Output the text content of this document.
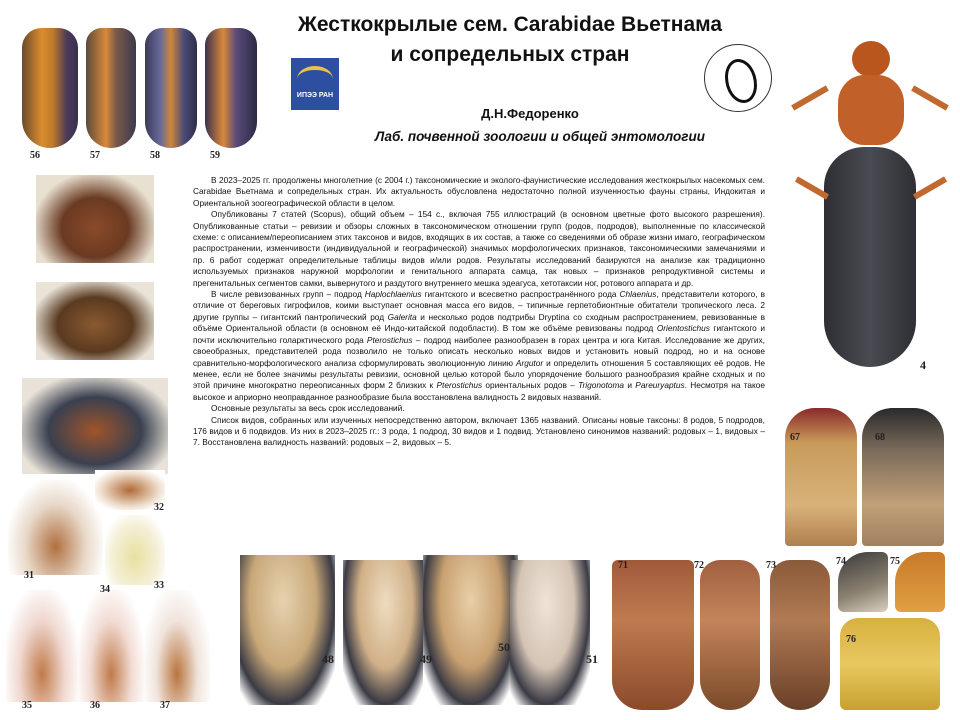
Жесткокрылые сем. Carabidae Вьетнама
и сопредельных стран
Д.Н.Федоренко
Лаб. почвенной зоологии и общей энтомологии
ИПЭЭ РАН
56	57	58	59
31
32
33
34
35	36	37
4
67	68
48	49
50
51
71	72	73	74	75
76

В 2023–2025 гг. продолжены многолетние (с 2004 г.) таксономические и эколого-фаунистические исследования жесткокрылых насекомых сем. Carabidae Вьетнама и сопредельных стран. Их актуальность обусловлена недостаточно полной изученностью фауны страны, Индокитая и Ориентальной зоогеографической области в целом.

Опубликованы 7 статей (Scopus), общий объем – 154 с., включая 755 иллюстраций (в основном цветные фото высокого разрешения). Опубликованные статьи – ревизии и обзоры сложных в таксономическом отношении групп (родов, подродов), выполненные по классической схеме: с описанием/переописанием этих таксонов и видов, входящих в их состав, а также со сведениями об образе жизни имаго, географическом распространении, изменчивости (индивидуальной и географической) значимых морфологических признаков, таксономическими замечаниями и пр. 6 работ содержат определительные таблицы видов и/или родов. Результаты исследований базируются на анализе как традиционно используемых признаков наружной морфологии и генитального аппарата самца, так новых – признаков репродуктивной системы и прегенитальных сегментов самки, вывернутого и раздутого внутреннего мешка эдеагуса, хетотаксии ног, ротового аппарата и др.

В числе ревизованных групп – подрод Haplochlaenius гигантского и всесветно распространённого рода Chlaenius, представители которого, в отличие от береговых гигрофилов, коими выступает основная масса его видов, – типичные герпетобионтные обитатели тропического леса. 2 другие группы – гигантский пантропический род Galerita и несколько родов подтрибы Dryptina со сходным распространением, ревизованные в объёме Ориентальной области (в основном её Индо-китайской подобласти). В том же объёме ревизованы подрод Orientostichus гигантского и почти исключительно голарктического рода Pterostichus – подрод наиболее разнообразен в горах центра и юга Китая. Исследование же других, своеобразных, представителей рода позволило не только описать несколько новых видов и установить новый подрод, но и на основе сравнительно-морфологического анализа сформулировать эволюционную линию Argutor и определить отношения 5 составляющих её родов. Не менее, если не более значимы результаты ревизии, основной целью которой было упорядочение большого разнообразия крайне сходных и по этой причине многократно переописанных форм 2 близких к Pterostichus ориентальных родов – Trigonotoma и Pareuryaptus. Несмотря на такое высокое и априорно неоправданное разнообразие была восстановлена валидность 2 видовых названий.

Основные результаты за весь срок исследований.

Список видов, собранных или изученных непосредственно автором, включает 1365 названий. Описаны новые таксоны: 8 родов, 5 подродов, 176 видов и 6 подвидов. Из них в 2023–2025 гг.: 3 рода, 1 подрод, 30 видов и 1 подвид. Установлено синонимов названий: родовых – 1, видовых – 7. Восстановлена валидность названий: родовых – 2, видовых – 5.
